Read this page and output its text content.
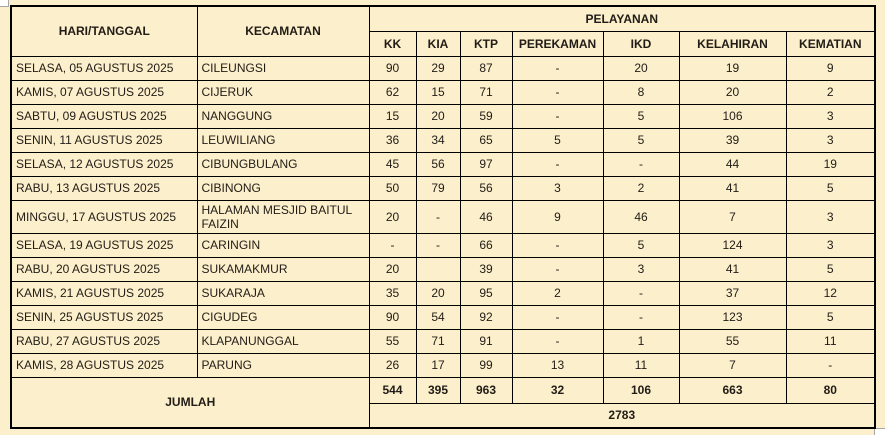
HARI/TANGGAL	KECAMATAN	PELAYANAN						
		KK	KIA	KTP	PEREKAMAN	IKD	KELAHIRAN	KEMATIAN
SELASA, 05 AGUSTUS 2025	CILEUNGSI	90	29	87	-	20	19	9
KAMIS, 07 AGUSTUS 2025	CIJERUK	62	15	71	-	8	20	2
SABTU, 09 AGUSTUS 2025	NANGGUNG	15	20	59	-	5	106	3
SENIN, 11 AGUSTUS 2025	LEUWILIANG	36	34	65	5	5	39	3
SELASA, 12 AGUSTUS 2025	CIBUNGBULANG	45	56	97	-	-	44	19
RABU, 13 AGUSTUS 2025	CIBINONG	50	79	56	3	2	41	5
MINGGU, 17 AGUSTUS 2025	HALAMAN MESJID BAITUL FAIZIN	20	-	46	9	46	7	3
SELASA, 19 AGUSTUS 2025	CARINGIN	-	-	66	-	5	124	3
RABU, 20 AGUSTUS 2025	SUKAMAKMUR	20		39	-	3	41	5
KAMIS, 21 AGUSTUS 2025	SUKARAJA	35	20	95	2	-	37	12
SENIN, 25 AGUSTUS 2025	CIGUDEG	90	54	92	-	-	123	5
RABU, 27 AGUSTUS 2025	KLAPANUNGGAL	55	71	91	-	1	55	11
KAMIS, 28 AGUSTUS 2025	PARUNG	26	17	99	13	11	7	-
JUMLAH		544	395	963	32	106	663	80
		2783						
